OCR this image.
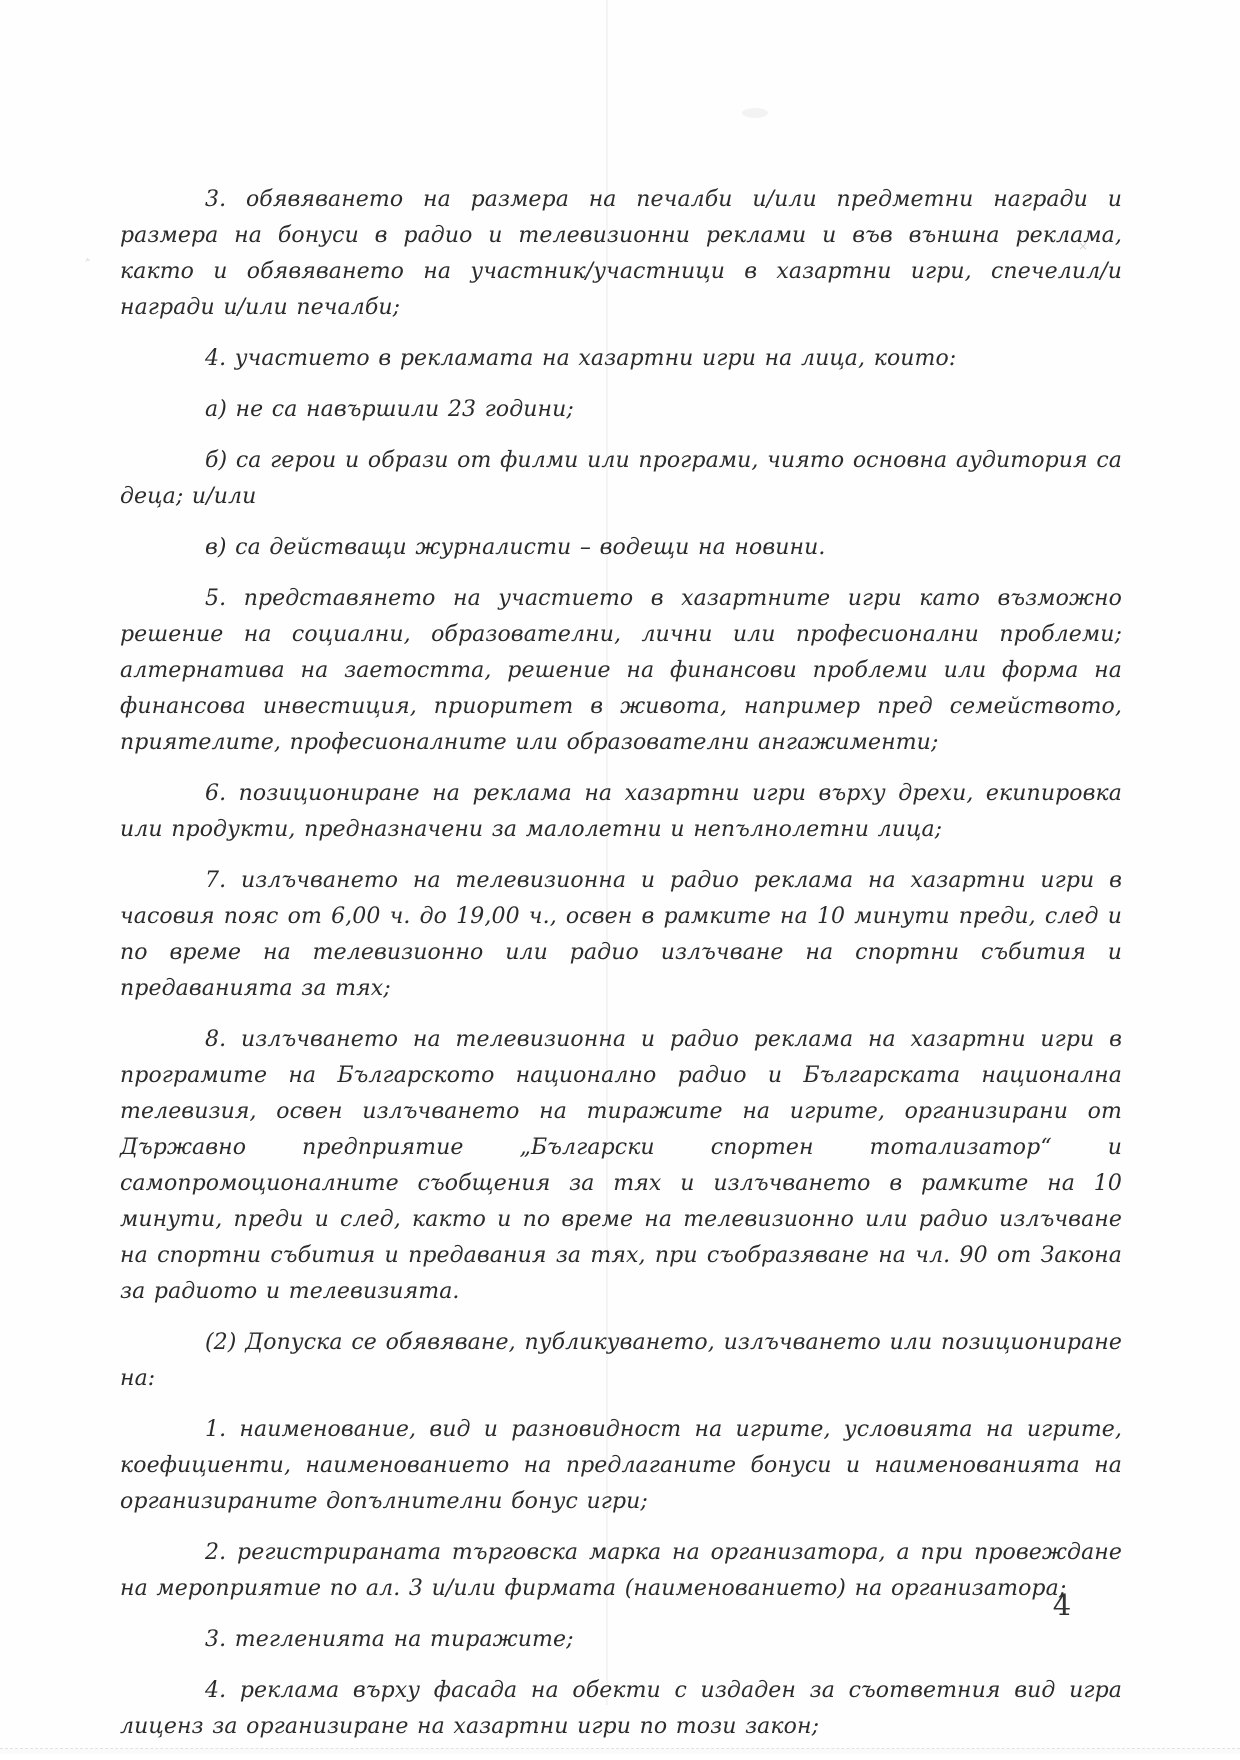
‸
×

3. обявяването на размера на печалби и/или предметни награди и размера на бонуси в радио и телевизионни реклами и във външна реклама, както и обявяването на участник/участници в хазартни игри, спечелил/и награди и/или печалби;

4. участието в рекламата на хазартни игри на лица, които:

а) не са навършили 23 години;

б) са герои и образи от филми или програми, чиято основна аудитория са деца; и/или

в) са действащи журналисти – водещи на новини.

5. представянето на участието в хазартните игри като възможно решение на социални, образователни, лични или професионални проблеми; алтернатива на заетостта, решение на финансови проблеми или форма на финансова инвестиция, приоритет в живота, например пред семейството, приятелите, професионалните или образователни ангажименти;

6. позициониране на реклама на хазартни игри върху дрехи, екипировка или продукти, предназначени за малолетни и непълнолетни лица;

7. излъчването на телевизионна и радио реклама на хазартни игри в часовия пояс от 6,00 ч. до 19,00 ч., освен в рамките на 10 минути преди, след и по време на телевизионно или радио излъчване на спортни събития и предаванията за тях;

8. излъчването на телевизионна и радио реклама на хазартни игри в програмите на Българското национално радио и Българската национална телевизия, освен излъчването на тиражите на игрите, организирани от Държавно предприятие „Български спортен тотализатор“ и самопромоционалните съобщения за тях и излъчването в рамките на 10 минути, преди и след, както и по време на телевизионно или радио излъчване на спортни събития и предавания за тях, при съобразяване на чл. 90 от Закона за радиото и телевизията.

(2) Допуска се обявяване, публикуването, излъчването или позициониране на:

1. наименование, вид и разновидност на игрите, условията на игрите, коефициенти, наименованието на предлаганите бонуси и наименованията на организираните допълнителни бонус игри;

2. регистрираната търговска марка на организатора, а при провеждане на мероприятие по ал. 3 и/или фирмата (наименованието) на организатора;

3. тегленията на тиражите;

4. реклама върху фасада на обекти с издаден за съответния вид игра лиценз за организиране на хазартни игри по този закон;

4
